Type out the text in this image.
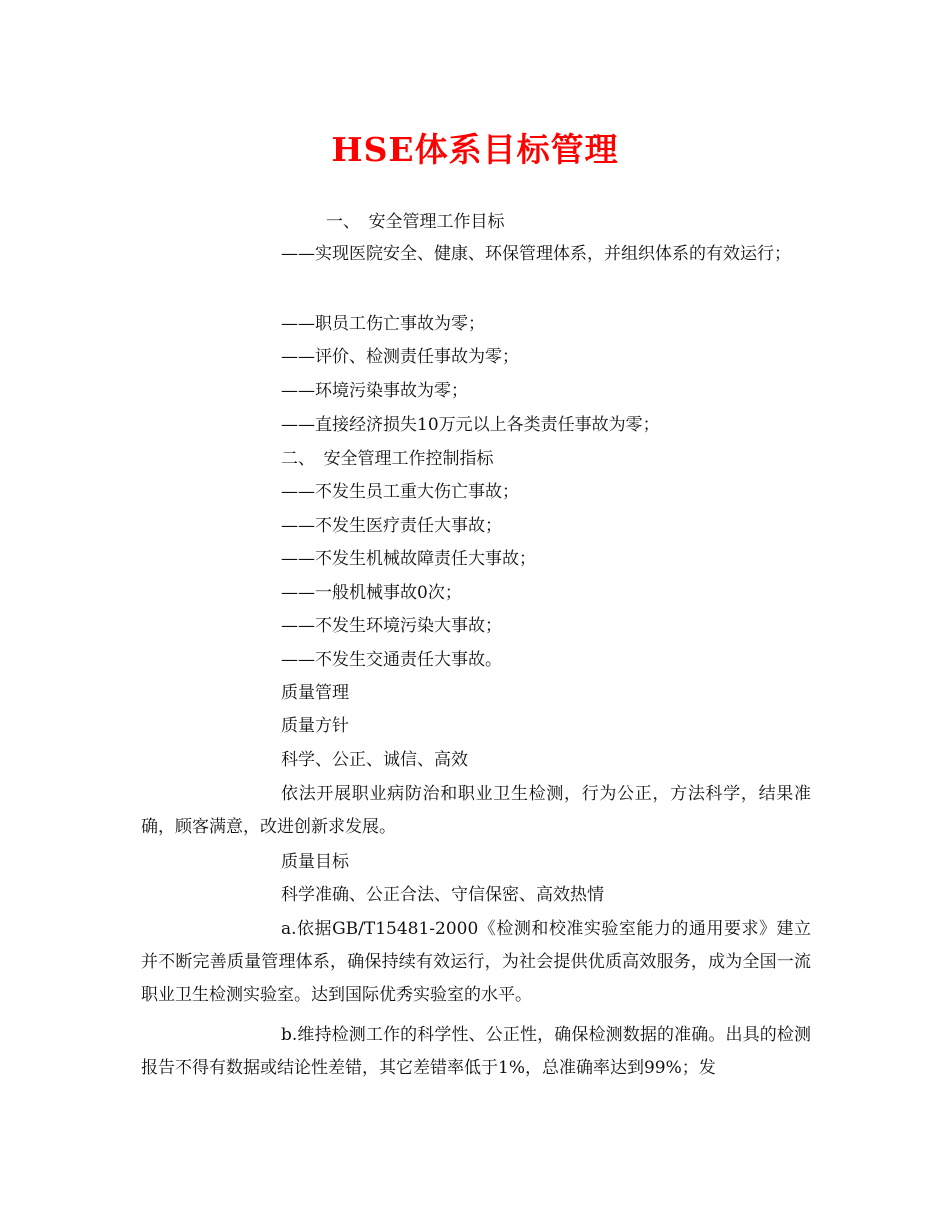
HSE体系目标管理
一、　安全管理工作目标
——实现医院安全、健康、环保管理体系，并组织体系的有效运行；
——职员工伤亡事故为零；
——评价、检测责任事故为零；
——环境污染事故为零；
——直接经济损失10万元以上各类责任事故为零；
二、　安全管理工作控制指标
——不发生员工重大伤亡事故；
——不发生医疗责任大事故；
——不发生机械故障责任大事故；
——一般机械事故0次；
——不发生环境污染大事故；
——不发生交通责任大事故。
质量管理
质量方针
科学、公正、诚信、高效
依法开展职业病防治和职业卫生检测，行为公正，方法科学，结果准确，顾客满意，改进创新求发展。
质量目标
科学准确、公正合法、守信保密、高效热情
a.依据GB/T15481-2000《检测和校准实验室能力的通用要求》建立并不断完善质量管理体系，确保持续有效运行，为社会提供优质高效服务，成为全国一流职业卫生检测实验室。达到国际优秀实验室的水平。
b.维持检测工作的科学性、公正性，确保检测数据的准确。出具的检测报告不得有数据或结论性差错，其它差错率低于1%，总准确率达到99%；发
